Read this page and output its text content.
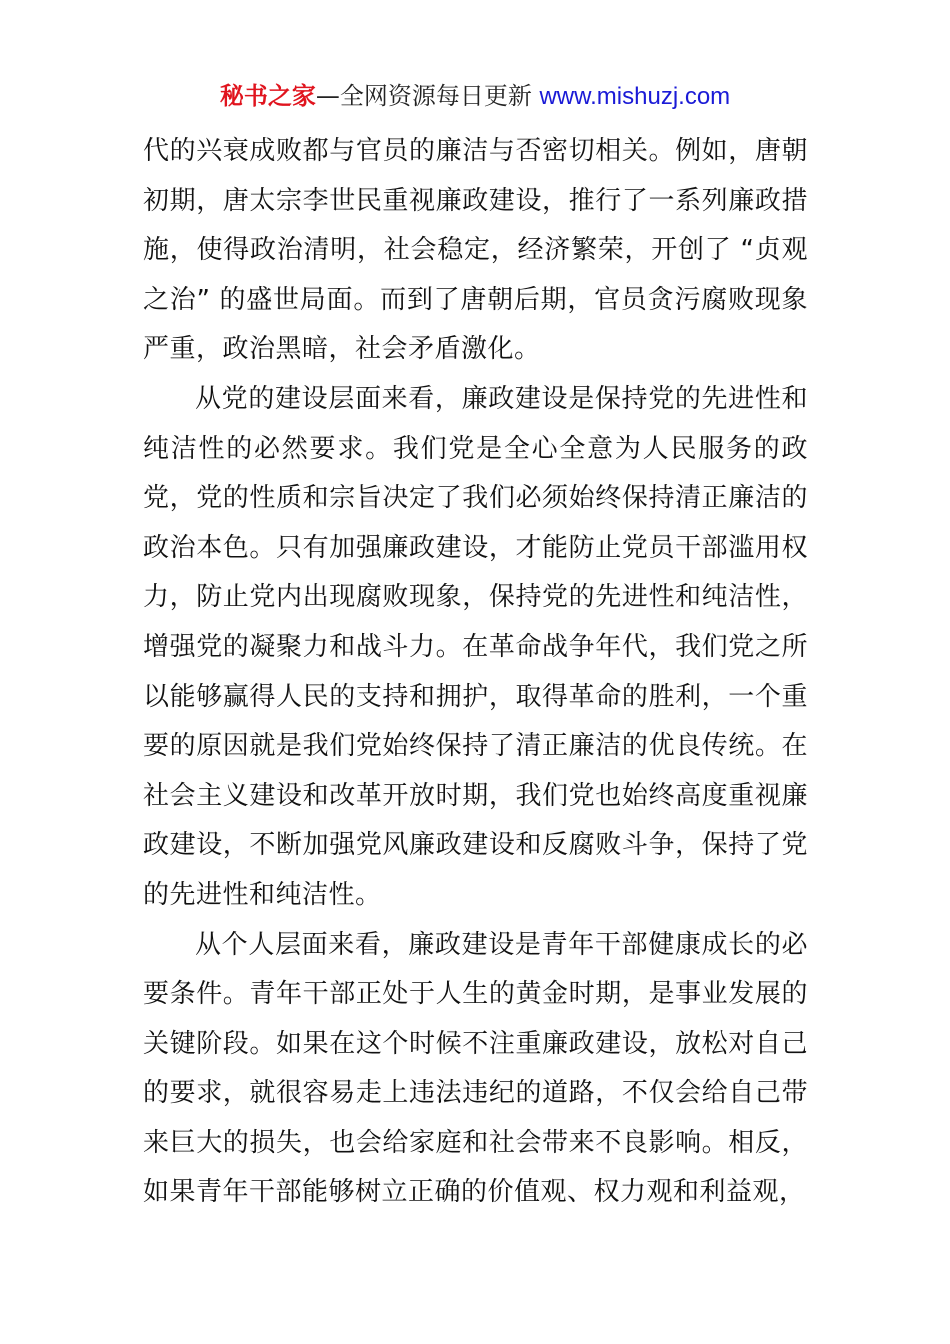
秘书之家—全网资源每日更新 www.mishuzj.com

代的兴衰成败都与官员的廉洁与否密切相关。例如，唐朝初期，唐太宗李世民重视廉政建设，推行了一系列廉政措施，使得政治清明，社会稳定，经济繁荣，开创了 “贞观之治” 的盛世局面。而到了唐朝后期，官员贪污腐败现象严重，政治黑暗，社会矛盾激化。

从党的建设层面来看，廉政建设是保持党的先进性和纯洁性的必然要求。我们党是全心全意为人民服务的政党，党的性质和宗旨决定了我们必须始终保持清正廉洁的政治本色。只有加强廉政建设，才能防止党员干部滥用权力，防止党内出现腐败现象，保持党的先进性和纯洁性，增强党的凝聚力和战斗力。在革命战争年代，我们党之所以能够赢得人民的支持和拥护，取得革命的胜利，一个重要的原因就是我们党始终保持了清正廉洁的优良传统。在社会主义建设和改革开放时期，我们党也始终高度重视廉政建设，不断加强党风廉政建设和反腐败斗争，保持了党的先进性和纯洁性。

从个人层面来看，廉政建设是青年干部健康成长的必要条件。青年干部正处于人生的黄金时期，是事业发展的关键阶段。如果在这个时候不注重廉政建设，放松对自己的要求，就很容易走上违法违纪的道路，不仅会给自己带来巨大的损失，也会给家庭和社会带来不良影响。相反，如果青年干部能够树立正确的价值观、权力观和利益观，
